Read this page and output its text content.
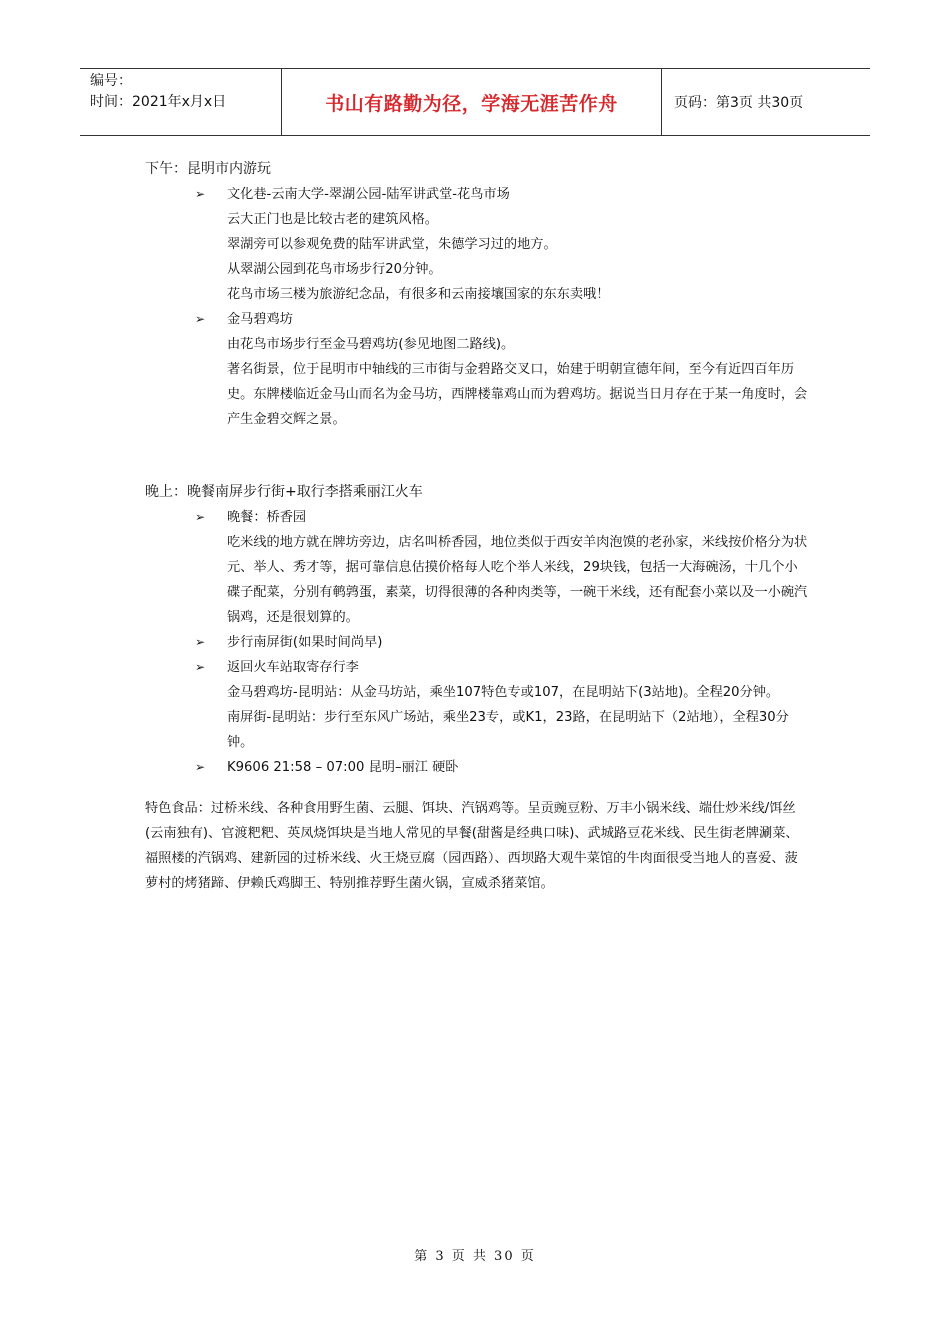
编号：
时间：2021年x月x日	书山有路勤为径，学海无涯苦作舟	页码：第3页 共30页
下午：昆明市内游玩
➢ 文化巷-云南大学-翠湖公园-陆军讲武堂-花鸟市场
云大正门也是比较古老的建筑风格。
翠湖旁可以参观免费的陆军讲武堂，朱德学习过的地方。
从翠湖公园到花鸟市场步行20分钟。
花鸟市场三楼为旅游纪念品，有很多和云南接壤国家的东东卖哦！
➢ 金马碧鸡坊
由花鸟市场步行至金马碧鸡坊(参见地图二路线)。
著名街景，位于昆明市中轴线的三市街与金碧路交叉口，始建于明朝宣德年间，至今有近四百年历史。东牌楼临近金马山而名为金马坊，西牌楼靠鸡山而为碧鸡坊。据说当日月存在于某一角度时，会产生金碧交辉之景。
晚上：晚餐南屏步行街+取行李搭乘丽江火车
➢ 晚餐：桥香园
吃米线的地方就在牌坊旁边，店名叫桥香园，地位类似于西安羊肉泡馍的老孙家，米线按价格分为状元、举人、秀才等，据可靠信息估摸价格每人吃个举人米线，29块钱，包括一大海碗汤，十几个小碟子配菜，分别有鹌鹑蛋，素菜，切得很薄的各种肉类等，一碗干米线，还有配套小菜以及一小碗汽锅鸡，还是很划算的。
➢ 步行南屏街(如果时间尚早)
➢ 返回火车站取寄存行李
金马碧鸡坊-昆明站：从金马坊站，乘坐107特色专或107，在昆明站下(3站地)。全程20分钟。
南屏街-昆明站：步行至东风广场站，乘坐23专，或K1，23路，在昆明站下（2站地），全程30分钟。
➢ K9606 21:58 – 07:00 昆明–丽江 硬卧
特色食品：过桥米线、各种食用野生菌、云腿、饵块、汽锅鸡等。呈贡豌豆粉、万丰小锅米线、端仕炒米线/饵丝(云南独有)、官渡粑粑、英凤烧饵块是当地人常见的早餐(甜酱是经典口味)、武城路豆花米线、民生街老牌涮菜、福照楼的汽锅鸡、建新园的过桥米线、火王烧豆腐（园西路）、西坝路大观牛菜馆的牛肉面很受当地人的喜爱、菠萝村的烤猪蹄、伊赖氏鸡脚王、特别推荐野生菌火锅，宣威杀猪菜馆。
第 3 页 共 30 页
